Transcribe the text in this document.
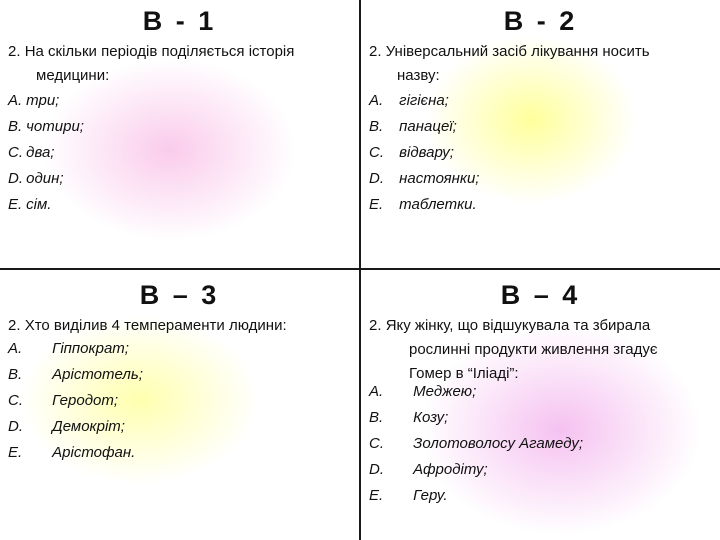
В - 1
2. На скільки періодів поділяється історія
медицини:
A. три;
B. чотири;
C. два;
D. один;
E. сім.
В - 2
2. Універсальний засіб лікування носить
назву:
A. гігієна;
B. панацеї;
C. відвару;
D. настоянки;
E. таблетки.
В – 3
2. Хто виділив 4 темпераменти людини:
A. Гіппократ;
B. Арістотель;
C. Геродот;
D. Демокріт;
E. Арістофан.
В – 4
2. Яку жінку, що відшукувала та збирала
рослинні продукти живлення згадує
Гомер в “Іліаді”:
A. Меджею;
B. Козу;
C. Золотоволосу Агамеду;
D. Афродіту;
E. Геру.
